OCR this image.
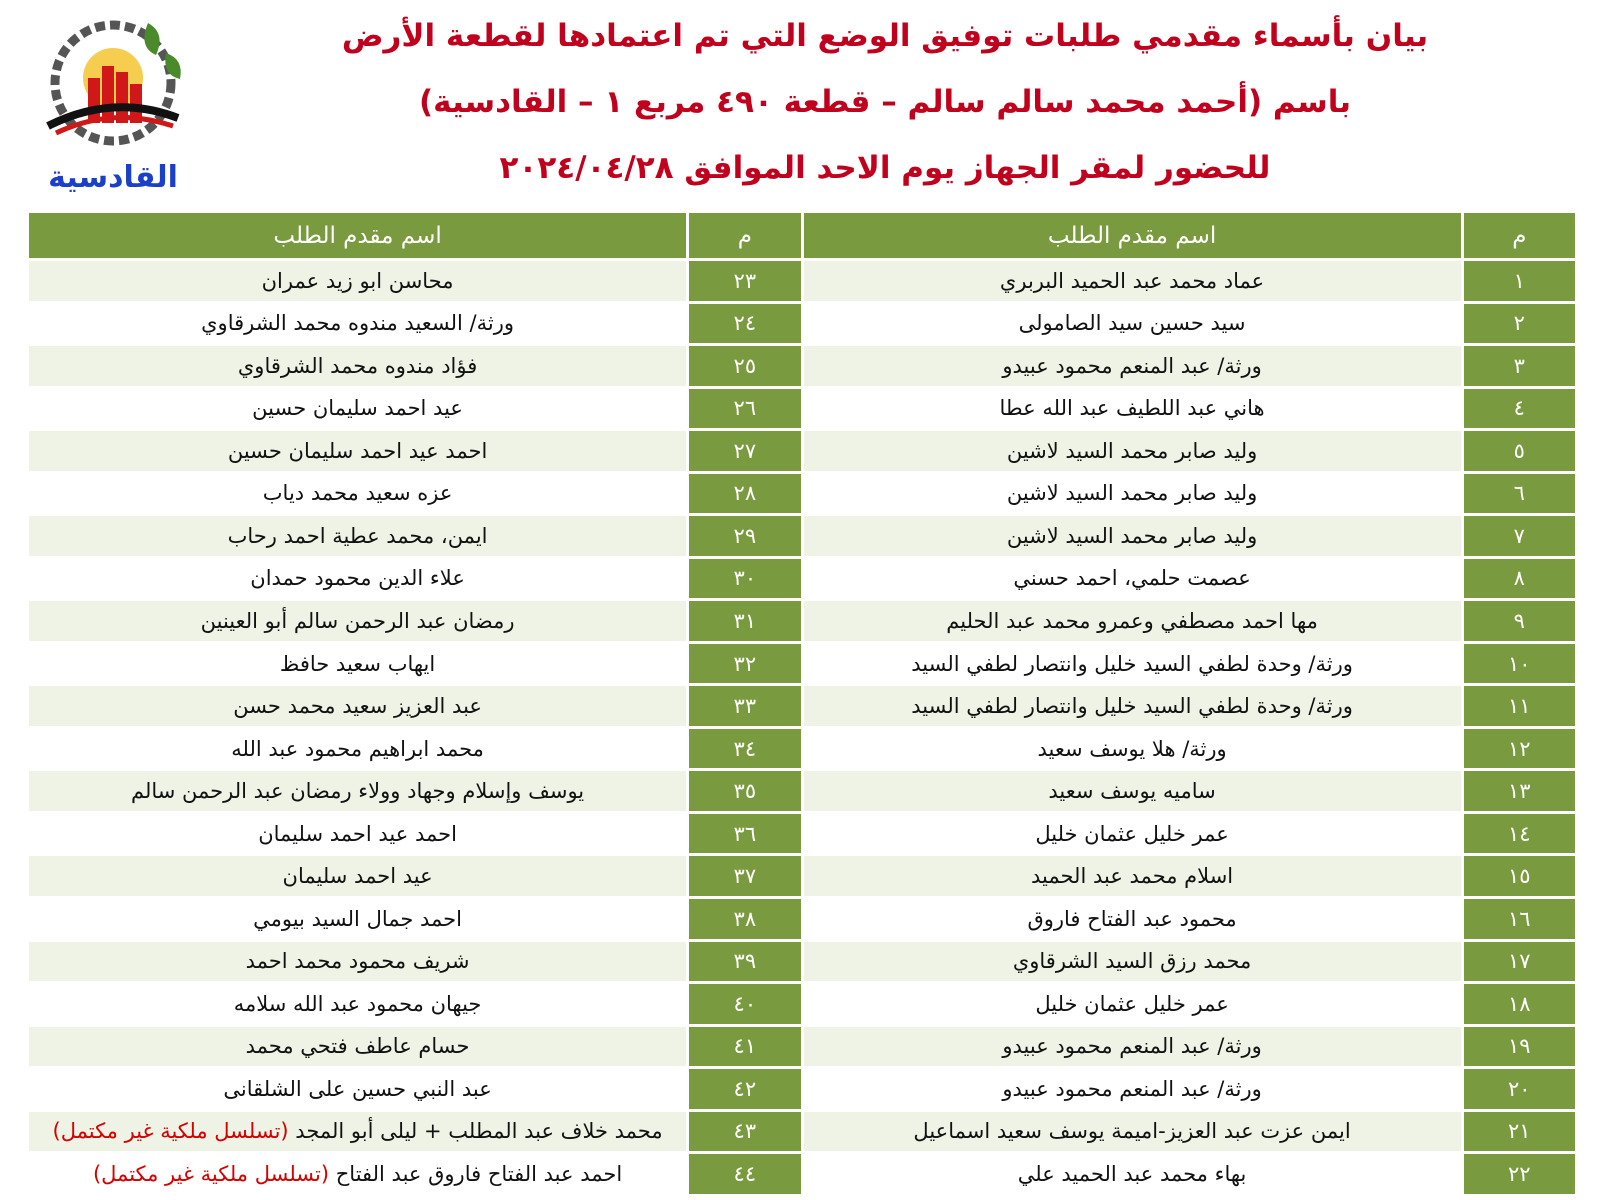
القادسية
بيان بأسماء مقدمي طلبات توفيق الوضع التي تم اعتمادها لقطعة الأرض
باسم (أحمد محمد سالم سالم – قطعة ٤٩٠ مربع ١ – القادسية)
للحضور لمقر الجهاز يوم الاحد الموافق ٢٠٢٤/٠٤/٢٨
م	اسم مقدم الطلب	م	اسم مقدم الطلب
١	عماد محمد عبد الحميد البربري	٢٣	محاسن ابو زيد عمران
٢	سيد حسين سيد الصامولى	٢٤	ورثة/ السعيد مندوه محمد الشرقاوي
٣	ورثة/ عبد المنعم محمود عبيدو	٢٥	فؤاد مندوه محمد الشرقاوي
٤	هاني عبد اللطيف عبد الله عطا	٢٦	عيد احمد سليمان حسين
٥	وليد صابر محمد السيد لاشين	٢٧	احمد عيد احمد سليمان حسين
٦	وليد صابر محمد السيد لاشين	٢٨	عزه سعيد محمد دياب
٧	وليد صابر محمد السيد لاشين	٢٩	ايمن، محمد عطية احمد رحاب
٨	عصمت حلمي، احمد حسني	٣٠	علاء الدين محمود حمدان
٩	مها احمد مصطفي وعمرو محمد عبد الحليم	٣١	رمضان عبد الرحمن سالم أبو العينين
١٠	ورثة/ وحدة لطفي السيد خليل وانتصار لطفي السيد	٣٢	ايهاب سعيد حافظ
١١	ورثة/ وحدة لطفي السيد خليل وانتصار لطفي السيد	٣٣	عبد العزيز سعيد محمد حسن
١٢	ورثة/ هلا يوسف سعيد	٣٤	محمد ابراهيم محمود عبد الله
١٣	ساميه يوسف سعيد	٣٥	يوسف وإسلام وجهاد وولاء رمضان عبد الرحمن سالم
١٤	عمر خليل عثمان خليل	٣٦	احمد عيد احمد سليمان
١٥	اسلام محمد عبد الحميد	٣٧	عيد احمد سليمان
١٦	محمود عبد الفتاح فاروق	٣٨	احمد جمال السيد بيومي
١٧	محمد رزق السيد الشرقاوي	٣٩	شريف محمود محمد احمد
١٨	عمر خليل عثمان خليل	٤٠	جيهان محمود عبد الله سلامه
١٩	ورثة/ عبد المنعم محمود عبيدو	٤١	حسام عاطف فتحي محمد
٢٠	ورثة/ عبد المنعم محمود عبيدو	٤٢	عبد النبي حسين على الشلقانى
٢١	ايمن عزت عبد العزيز-اميمة يوسف سعيد اسماعيل	٤٣	محمد خلاف عبد المطلب + ليلى أبو المجد (تسلسل ملكية غير مكتمل)
٢٢	بهاء محمد عبد الحميد علي	٤٤	احمد عبد الفتاح فاروق عبد الفتاح (تسلسل ملكية غير مكتمل)
